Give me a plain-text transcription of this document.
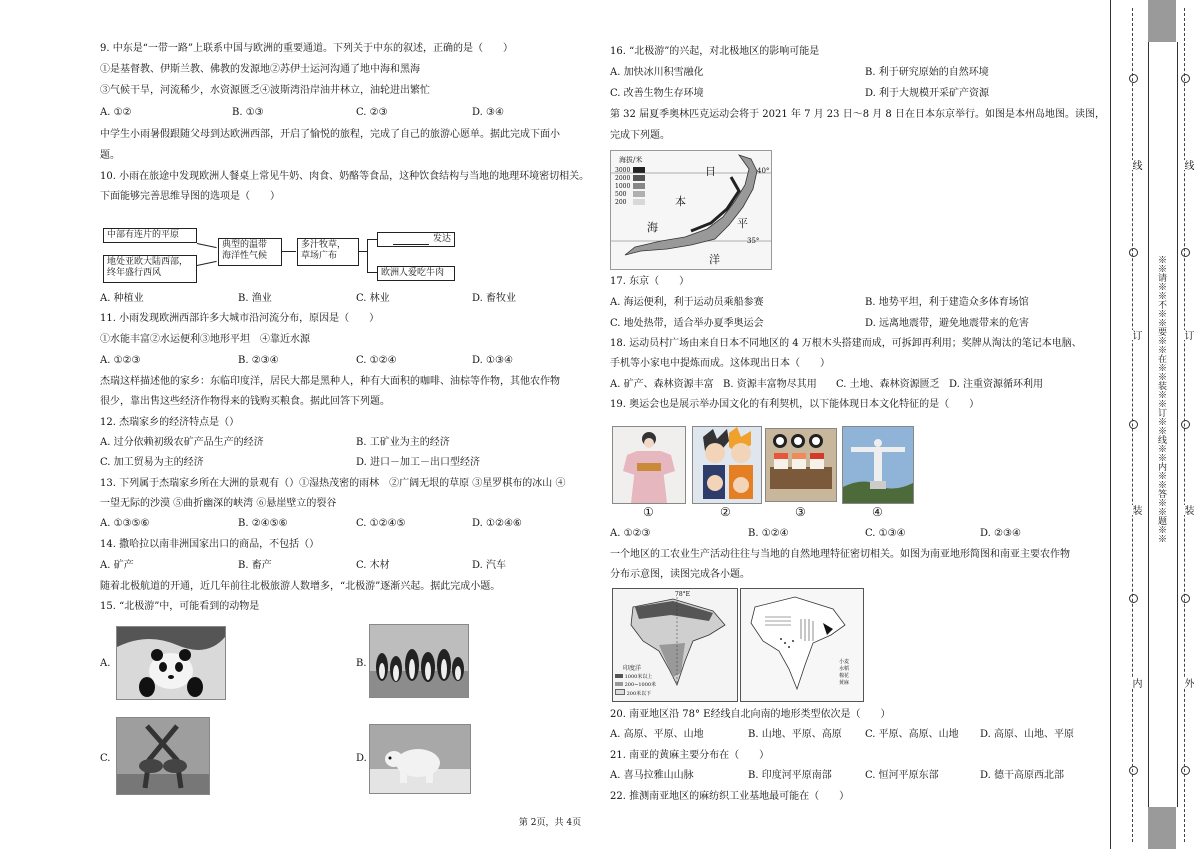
9. 中东是“一带一路”上联系中国与欧洲的重要通道。下列关于中东的叙述，正确的是（　　）
①是基督教、伊斯兰教、佛教的发源地②苏伊士运河沟通了地中海和黑海
③气候干旱，河流稀少，水资源匮乏④波斯湾沿岸油井林立，油轮进出繁忙
A. ①②	B. ①③	C. ②③	D. ③④
中学生小雨暑假跟随父母到达欧洲西部，开启了愉悦的旅程，完成了自己的旅游心愿单。据此完成下面小
题。
10. 小雨在旅途中发现欧洲人餐桌上常见牛奶、肉食、奶酪等食品，这种饮食结构与当地的地理环境密切相关。
下面能够完善思维导图的选项是（　　）
中部有连片的平原
地处亚欧大陆西部，
终年盛行西风
典型的温带
海洋性气候
多汁牧草，
草场广布
发达
欧洲人爱吃牛肉
A. 种植业	B. 渔业	C. 林业	D. 畜牧业
11. 小雨发现欧洲西部许多大城市沿河流分布，原因是（　　）
①水能丰富②水运便利③地形平坦　④靠近水源
A. ①②③	B. ②③④	C. ①②④	D. ①③④
杰瑞这样描述他的家乡：东临印度洋，居民大都是黑种人，种有大面积的咖啡、油棕等作物，其他农作物
很少，靠出售这些经济作物得来的钱购买粮食。据此回答下列题。
12. 杰瑞家乡的经济特点是（）
A. 过分依赖初级农矿产品生产的经济	B. 工矿业为主的经济
C. 加工贸易为主的经济	D. 进口－加工－出口型经济
13. 下列属于杰瑞家乡所在大洲的景观有（）①湿热茂密的雨林　②广阔无垠的草原 ③星罗棋布的冰山 ④
一望无际的沙漠 ⑤曲折幽深的峡湾 ⑥悬崖壁立的裂谷
A. ①③⑤⑥	B. ②④⑤⑥	C. ①②④⑤	D. ①②④⑥
14. 撒哈拉以南非洲国家出口的商品，不包括（）
A. 矿产	B. 畜产	C. 木材	D. 汽车
随着北极航道的开通，近几年前往北极旅游人数增多，“北极游”逐渐兴起。据此完成小题。
15. “北极游”中，可能看到的动物是
A.	B.
C.	D.
16. “北极游”的兴起，对北极地区的影响可能是
A. 加快冰川积雪融化	B. 利于研究原始的自然环境
C. 改善生物生存环境	D. 利于大规模开采矿产资源
第 32 届夏季奥林匹克运动会将于 2021 年 7 月 23 日～8 月 8 日在日本东京举行。如图是本州岛地图。读图，
完成下列题。
海拔/米
3000
2000
1000
500
200
40°
35°
日
本
海	平
洋
17. 东京（　　）
A. 海运便利，利于运动员乘船参赛	B. 地势平坦，利于建造众多体育场馆
C. 地处热带，适合举办夏季奥运会	D. 远离地震带，避免地震带来的危害
18. 运动员村广场由来自日本不同地区的 4 万根木头搭建而成，可拆卸再利用；奖牌从淘汰的笔记本电脑、
手机等小家电中提炼而成。这体现出日本（　　）
A. 矿产、森林资源丰富 B. 资源丰富物尽其用 C. 土地、森林资源匮乏 D. 注重资源循环利用
19. 奥运会也是展示举办国文化的有利契机，以下能体现日本文化特征的是（　　）
①	②	③	④
A. ①②③	B. ①②④	C. ①③④	D. ②③④
一个地区的工农业生产活动往往与当地的自然地理特征密切相关。如图为南亚地形简图和南亚主要农作物
分布示意图，读图完成各小题。
78°E
印度洋
1000米以上
200~1000米
200米以下
小麦
水稻
棉花
黄麻
20. 南亚地区沿 78° E经线自北向南的地形类型依次是（　　）
A. 高原、平原、山地	B. 山地、平原、高原 C. 平原、高原、山地 D. 高原、山地、平原
21. 南亚的黄麻主要分布在（　　）
A. 喜马拉雅山山脉	B. 印度河平原南部	C. 恒河平原东部	D. 德干高原西北部
22. 推测南亚地区的麻纺织工业基地最可能在（　　）
第 2页，共 4页
※※请※※不※※要※※在※※装※※订※※线※※内※※答※※题※※
线
订
装
内
线
订
装
外
